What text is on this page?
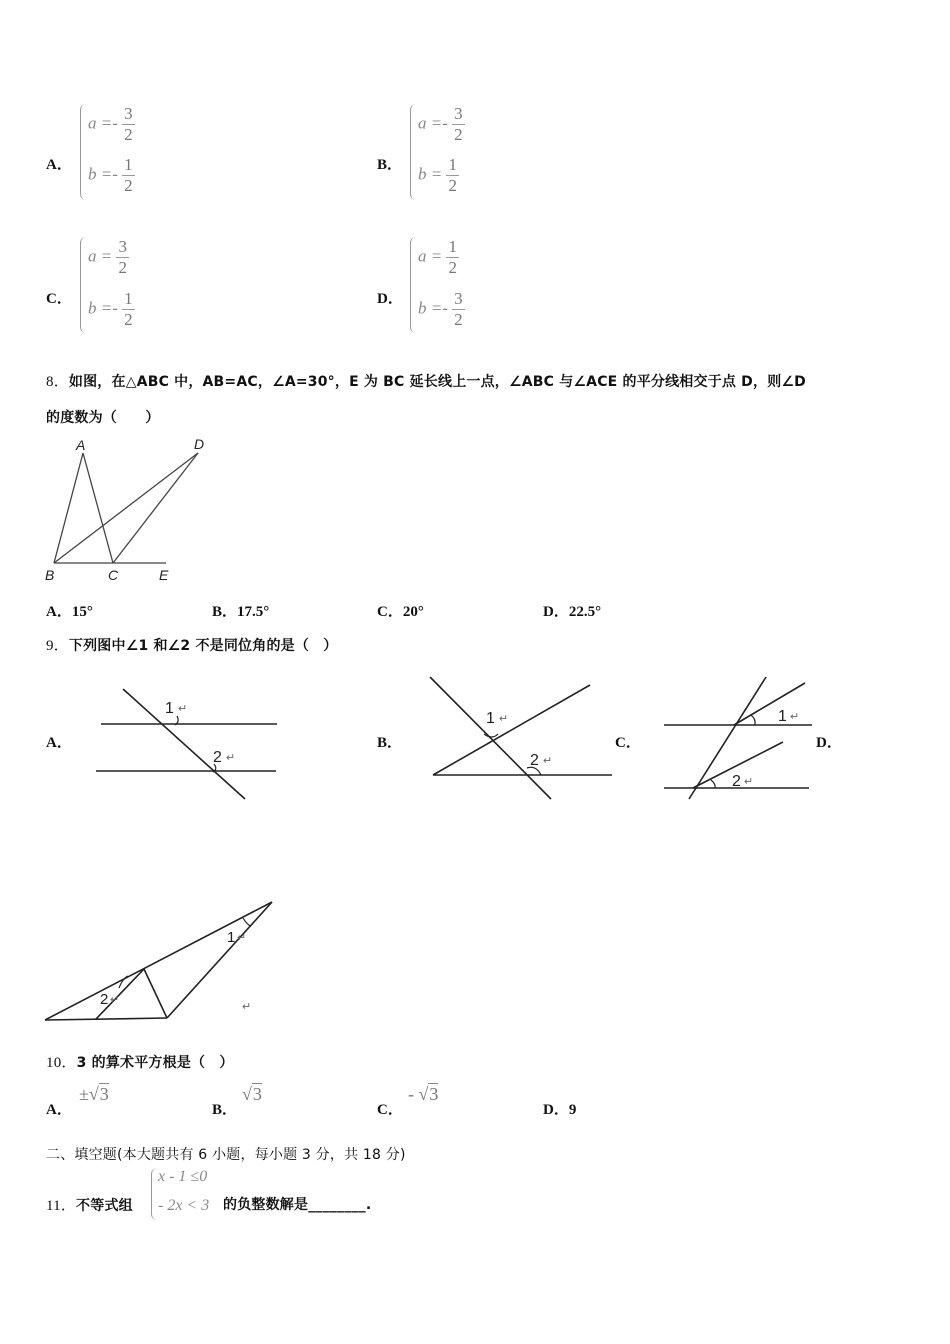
A．
$a =- \frac{3}{2}$
$b =- \frac{1}{2}$	B．
$a =- \frac{3}{2}$
$b = \frac{1}{2}$
C．
$a = \frac{3}{2}$
$b =- \frac{1}{2}$	D．
$a = \frac{1}{2}$
$b =- \frac{3}{2}$
8．如图，在△ABC 中，AB=AC，∠A=30°，E 为 BC 延长线上一点，∠ABC 与∠ACE 的平分线相交于点 D，则∠D
的度数为（　　）
A	D
B	C	E
A．15°	B．17.5°	C．20°	D．22.5°
9．下列图中∠1 和∠2 不是同位角的是（　）
A．
1 ↵
2 ↵
B．
1 ↵
2 ↵
C．
1 ↵
2 ↵
D．
1 ↵
2 ↵
↵
10．3 的算术平方根是（　）
A．
±√3
B．
√3
C．
- √3
D．9
二、填空题(本大题共有 6 小题，每小题 3 分，共 18 分)
11．不等式组
x - 1 ≤0
- 2x < 3 的负整数解是________.
